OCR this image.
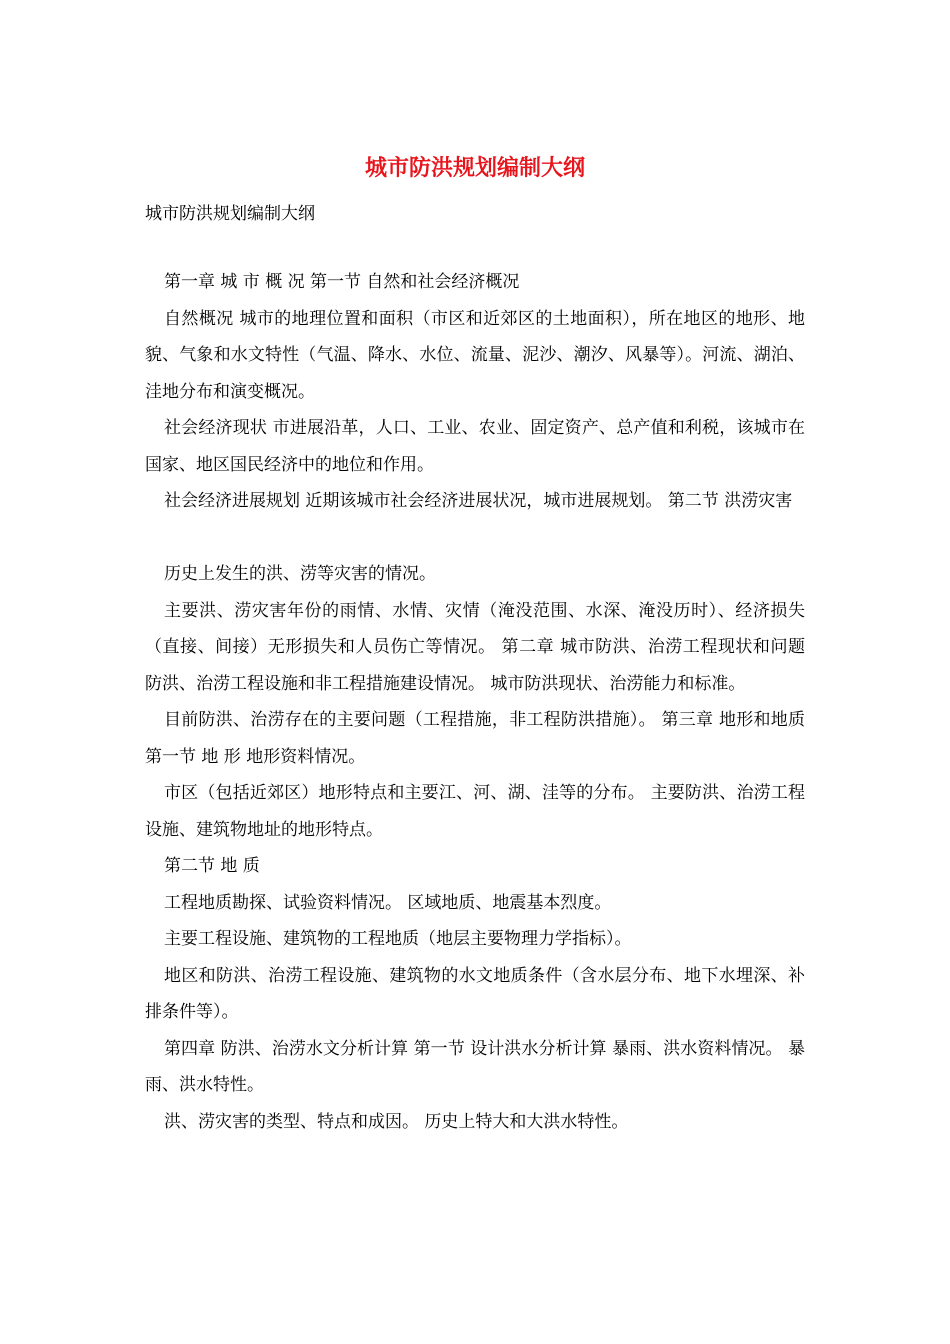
城市防洪规划编制大纲
城市防洪规划编制大纲

第一章 城 市 概 况 第一节 自然和社会经济概况

自然概况 城市的地理位置和面积（市区和近郊区的土地面积），所在地区的地形、地貌、气象和水文特性（气温、降水、水位、流量、泥沙、潮汐、风暴等）。河流、湖泊、洼地分布和演变概况。

社会经济现状 市进展沿革，人口、工业、农业、固定资产、总产值和利税，该城市在国家、地区国民经济中的地位和作用。

社会经济进展规划 近期该城市社会经济进展状况，城市进展规划。 第二节 洪涝灾害

历史上发生的洪、涝等灾害的情况。

主要洪、涝灾害年份的雨情、水情、灾情（淹没范围、水深、淹没历时）、经济损失（直接、间接）无形损失和人员伤亡等情况。 第二章 城市防洪、治涝工程现状和问题 防洪、治涝工程设施和非工程措施建设情况。 城市防洪现状、治涝能力和标准。

目前防洪、治涝存在的主要问题（工程措施，非工程防洪措施）。 第三章 地形和地质 第一节 地 形 地形资料情况。

市区（包括近郊区）地形特点和主要江、河、湖、洼等的分布。 主要防洪、治涝工程设施、建筑物地址的地形特点。

第二节 地 质

工程地质勘探、试验资料情况。 区域地质、地震基本烈度。

主要工程设施、建筑物的工程地质（地层主要物理力学指标）。

地区和防洪、治涝工程设施、建筑物的水文地质条件（含水层分布、地下水埋深、补排条件等）。

第四章 防洪、治涝水文分析计算 第一节 设计洪水分析计算 暴雨、洪水资料情况。 暴雨、洪水特性。

洪、涝灾害的类型、特点和成因。 历史上特大和大洪水特性。
